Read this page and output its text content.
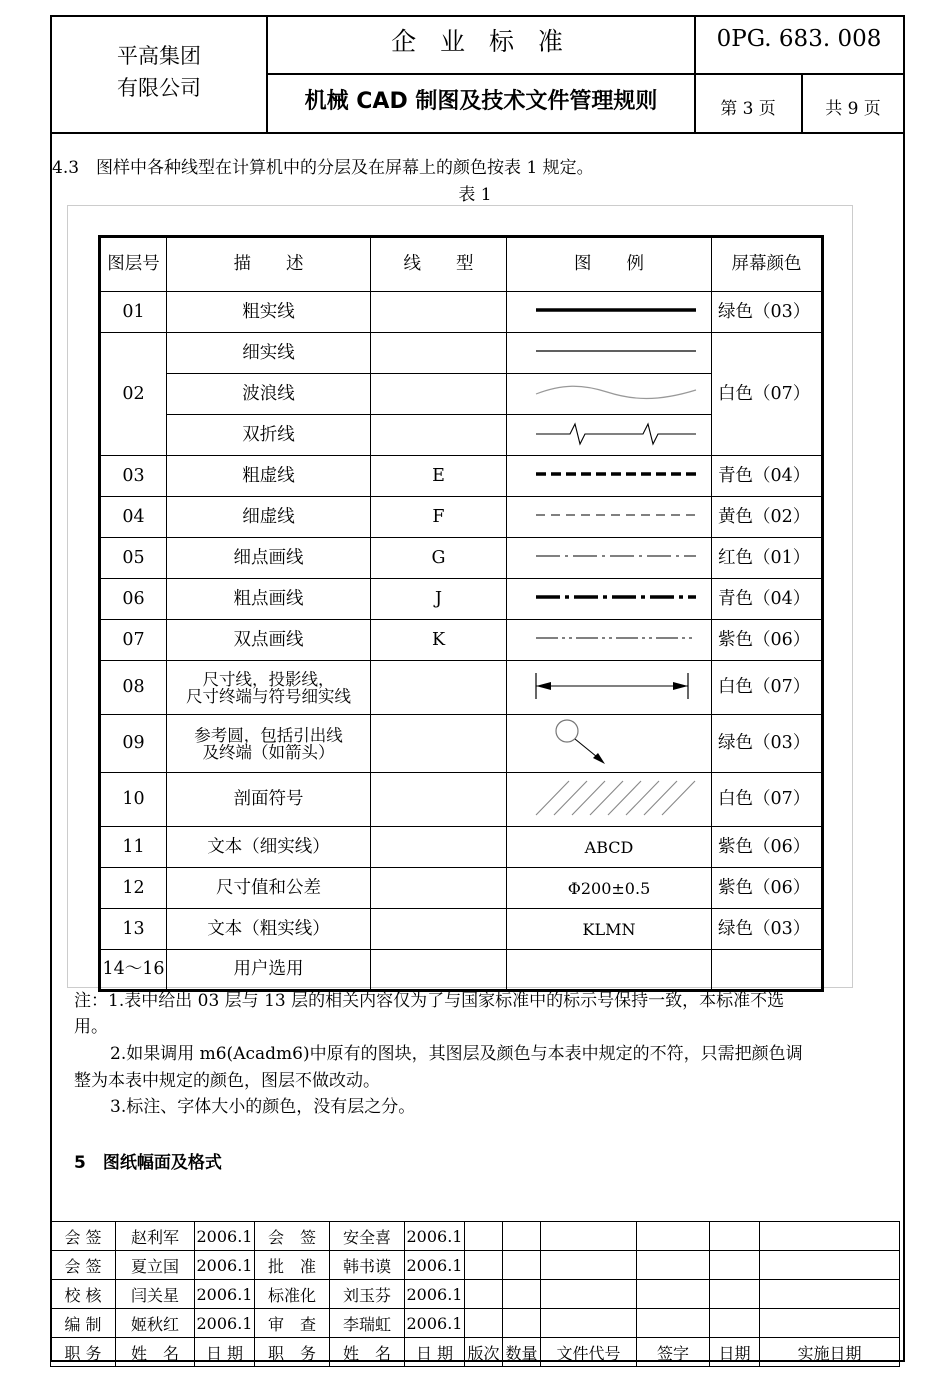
平高集团
有限公司
企 业 标 准
机械 CAD 制图及技术文件管理规则
0PG. 683. 008
第 3 页	共 9 页
4.3　图样中各种线型在计算机中的分层及在屏幕上的颜色按表 1 规定。
表 1
图层号	描　　述	线　　型	图　　例	屏幕颜色
01	粗实线			绿色（03）
02	细实线			白色（07）
	波浪线		
	双折线		
03	粗虚线	E		青色（04）
04	细虚线	F		黄色（02）
05	细点画线	G		红色（01）
06	粗点画线	J		青色（04）
07	双点画线	K		紫色（06）
08	尺寸线，投影线，
尺寸终端与符号细实线			白色（07）
09	参考圆，包括引出线
及终端（如箭头）			绿色（03）
10	剖面符号			白色（07）
11	文本（细实线）		ABCD	紫色（06）
12	尺寸值和公差		Φ200±0.5	紫色（06）
13	文本（粗实线）		KLMN	绿色（03）
14～16	用户选用			
注：1.表中给出 03 层与 13 层的相关内容仅为了与国家标准中的标示号保持一致，本标准不选
用。
2.如果调用 m6(Acadm6)中原有的图块，其图层及颜色与本表中规定的不符，只需把颜色调
整为本表中规定的颜色，图层不做改动。
3.标注、字体大小的颜色，没有层之分。
5　图纸幅面及格式
会 签	赵利军	2006.1	会　签	安全喜	2006.1						
会 签	夏立国	2006.1	批　准	韩书谟	2006.1						
校 核	闫关星	2006.1	标准化	刘玉芬	2006.1						
编 制	姬秋红	2006.1	审　查	李瑞虹	2006.1						
职 务	姓　名	日 期	职　务	姓　名	日 期	版次	数量	文件代号	签字	日期	实施日期
